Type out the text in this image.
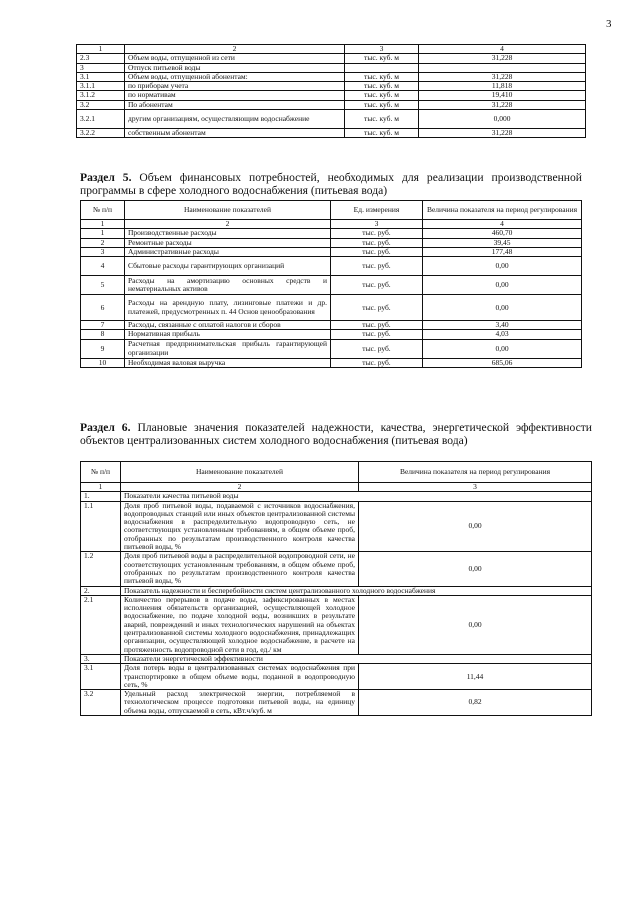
3
1	2	3	4
2.3	Объем воды, отпущенной из сети	тыс. куб. м	31,228
3	Отпуск питьевой воды		
3.1	Объем воды, отпущенной абонентам:	тыс. куб. м	31,228
3.1.1	по приборам учета	тыс. куб. м	11,818
3.1.2	по нормативам	тыс. куб. м	19,410
3.2	По абонентам	тыс. куб. м	31,228
3.2.1	другим организациям, осуществляющим водоснабжение	тыс. куб. м	0,000
3.2.2	собственным абонентам	тыс. куб. м	31,228
Раздел 5. Объем финансовых потребностей, необходимых для реализации производственной программы в сфере холодного водоснабжения (питьевая вода)
№ п/п	Наименование показателей	Ед. измерения	Величина показателя на период регулирования
1	2	3	4
1	Производственные расходы	тыс. руб.	460,70
2	Ремонтные расходы	тыс. руб.	39,45
3	Административные расходы	тыс. руб.	177,48
4	Сбытовые расходы гарантирующих организаций	тыс. руб.	0,00
5	Расходы на амортизацию основных средств и нематериальных активов	тыс. руб.	0,00
6	Расходы на арендную плату, лизинговые платежи и др. платежей, предусмотренных п. 44 Основ ценообразования	тыс. руб.	0,00
7	Расходы, связанные с оплатой налогов и сборов	тыс. руб.	3,40
8	Нормативная прибыль	тыс. руб.	4,03
9	Расчетная предпринимательская прибыль гарантирующей организации	тыс. руб.	0,00
10	Необходимая валовая выручка	тыс. руб.	685,06
Раздел 6. Плановые значения показателей надежности, качества, энергетической эффективности объектов централизованных систем холодного водоснабжения (питьевая вода)
№ п/п	Наименование показателей	Величина показателя на период регулирования
1	2	3
1.	Показатели качества питьевой воды	
1.1	Доля проб питьевой воды, подаваемой с источников водоснабжения, водопроводных станций или иных объектов централизованной системы водоснабжения в распределительную водопроводную сеть, не соответствующих установленным требованиям, в общем объеме проб, отобранных по результатам производственного контроля качества питьевой воды, %	0,00
1.2	Доля проб питьевой воды в распределительной водопроводной сети, не соответствующих установленным требованиям, в общем объеме проб, отобранных по результатам производственного контроля качества питьевой воды, %	0,00
2.	Показатель надежности и бесперебойности систем централизованного холодного водоснабжения	
2.1	Количество перерывов в подаче воды, зафиксированных в местах исполнения обязательств организацией, осуществляющей холодное водоснабжение, по подаче холодной воды, возникших в результате аварий, повреждений и иных технологических нарушений на объектах централизованной системы холодного водоснабжения, принадлежащих организации, осуществляющей холодное водоснабжение, в расчете на протяженность водопроводной сети в год, ед./ км	0,00
3.	Показатели энергетической эффективности	
3.1	Доля потерь воды в централизованных системах водоснабжения при транспортировке в общем объеме воды, поданной в водопроводную сеть, %	11,44
3.2	Удельный расход электрической энергии, потребляемой в технологическом процессе подготовки питьевой воды, на единицу объема воды, отпускаемой в сеть, кВт.ч/куб. м	0,82
